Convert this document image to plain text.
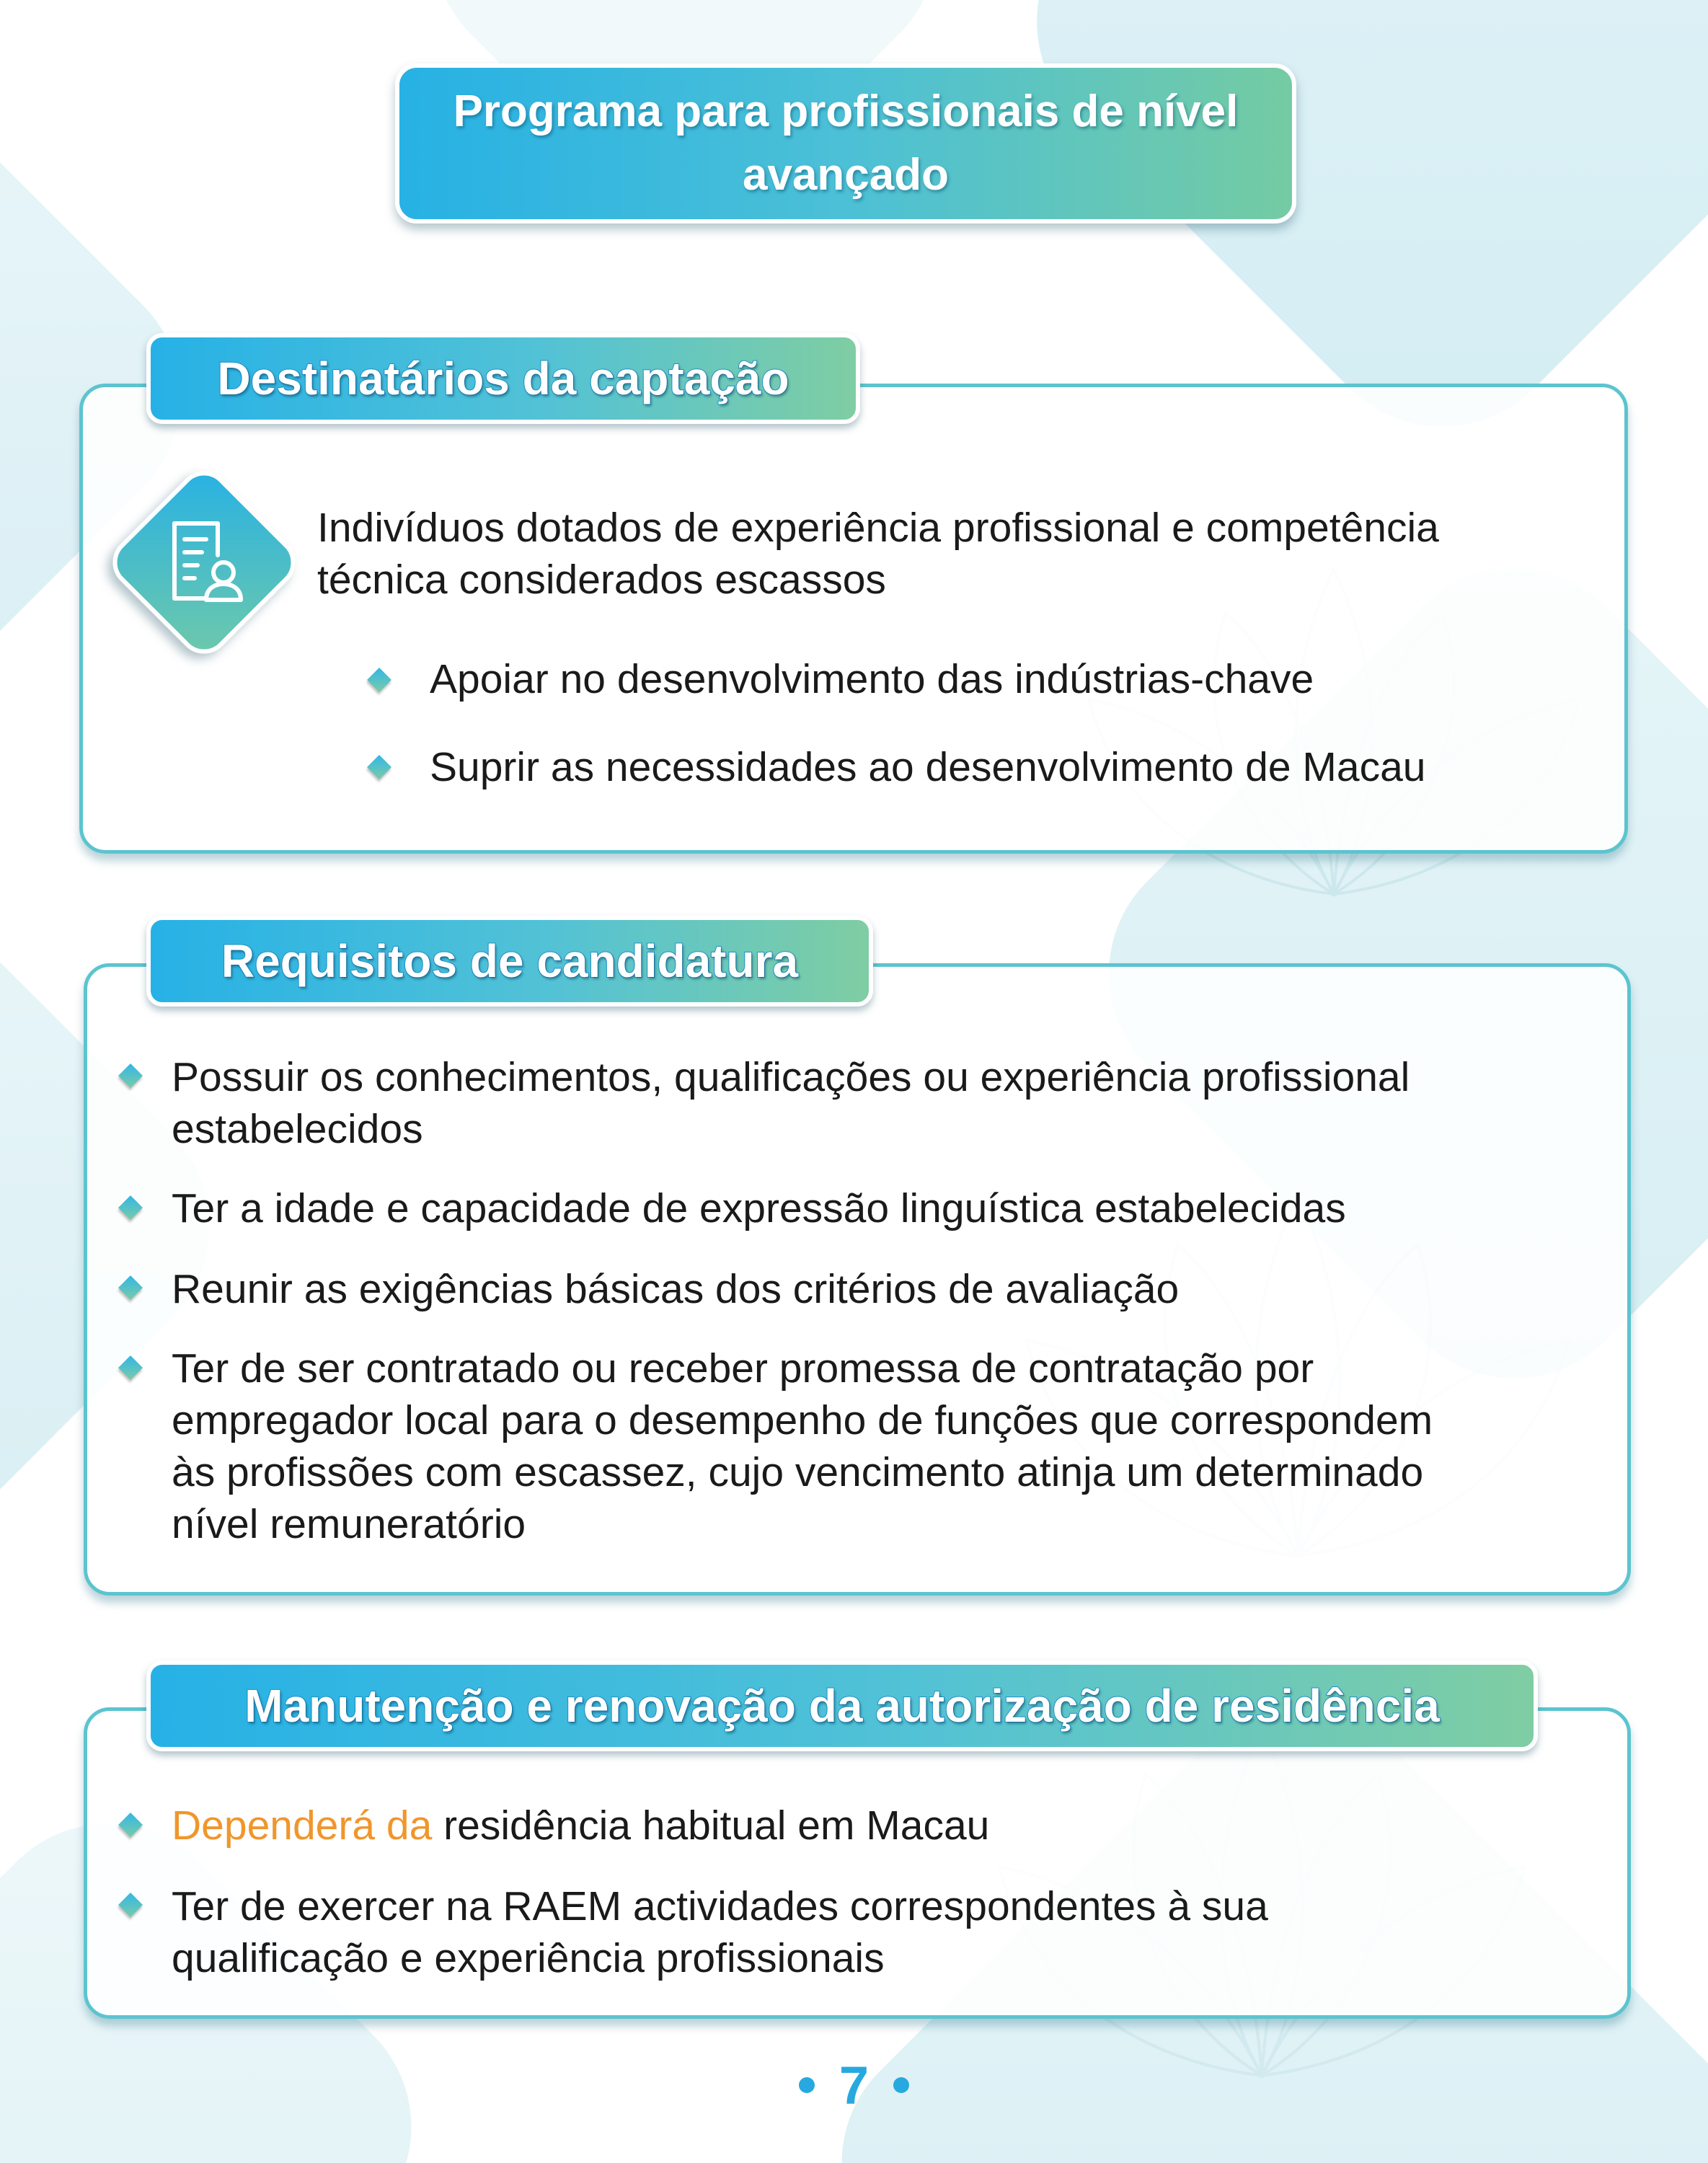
Programa para profissionais de nível avançado
Destinatários da captação
Indivíduos dotados de experiência profissional e competência
técnica considerados escassos
Apoiar no desenvolvimento das indústrias-chave
Suprir as necessidades ao desenvolvimento de Macau
Requisitos de candidatura
Possuir os conhecimentos, qualificações ou experiência profissional
estabelecidos
Ter a idade e capacidade de expressão linguística estabelecidas
Reunir as exigências básicas dos critérios de avaliação
Ter de ser contratado ou receber promessa de contratação por
empregador local para o desempenho de funções que correspondem
às profissões com escassez, cujo vencimento atinja um determinado
nível remuneratório
Manutenção e renovação da autorização de residência
Dependerá da residência habitual em Macau
Ter de exercer na RAEM actividades correspondentes à sua
qualificação e experiência profissionais
7
